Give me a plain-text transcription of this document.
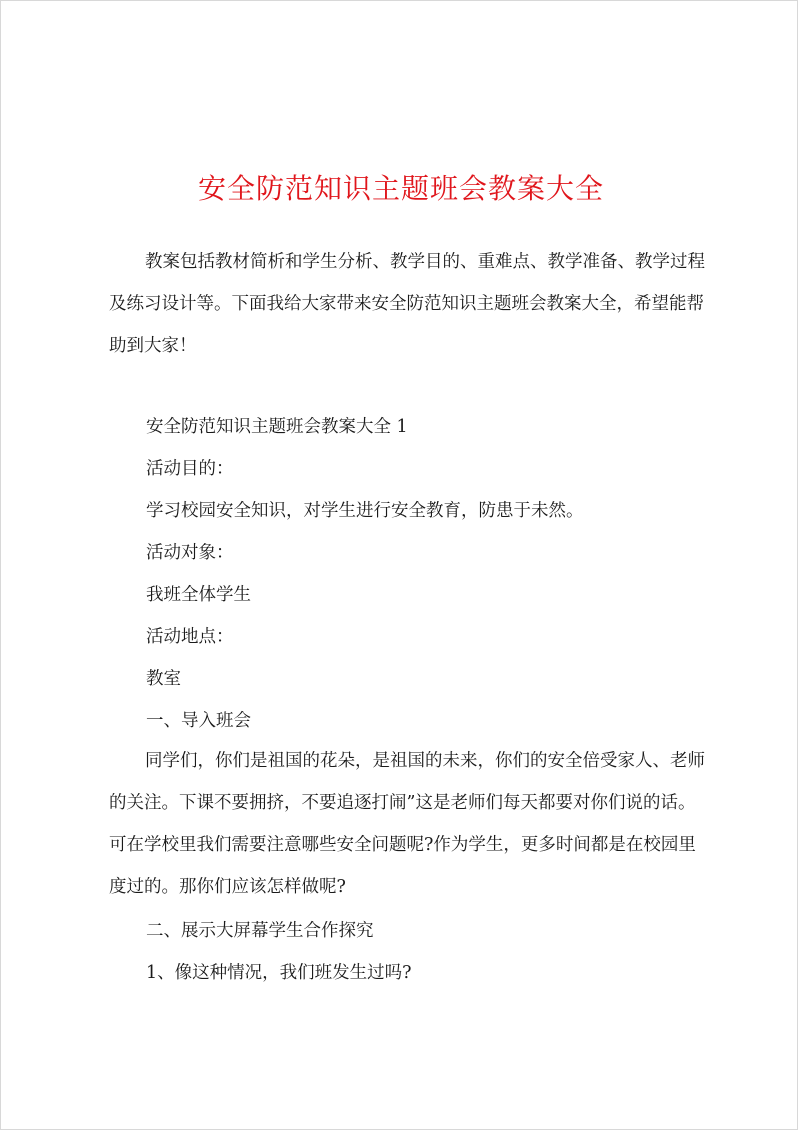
安全防范知识主题班会教案大全

教案包括教材简析和学生分析、教学目的、重难点、教学准备、教学过程及练习设计等。下面我给大家带来安全防范知识主题班会教案大全，希望能帮助到大家！

安全防范知识主题班会教案大全 1
活动目的：
学习校园安全知识，对学生进行安全教育，防患于未然。
活动对象：
我班全体学生
活动地点：
教室
一、导入班会

同学们，你们是祖国的花朵，是祖国的未来，你们的安全倍受家人、老师的关注。下课不要拥挤，不要追逐打闹”这是老师们每天都要对你们说的话。可在学校里我们需要注意哪些安全问题呢?作为学生，更多时间都是在校园里度过的。那你们应该怎样做呢?

二、展示大屏幕学生合作探究
1、像这种情况，我们班发生过吗?
